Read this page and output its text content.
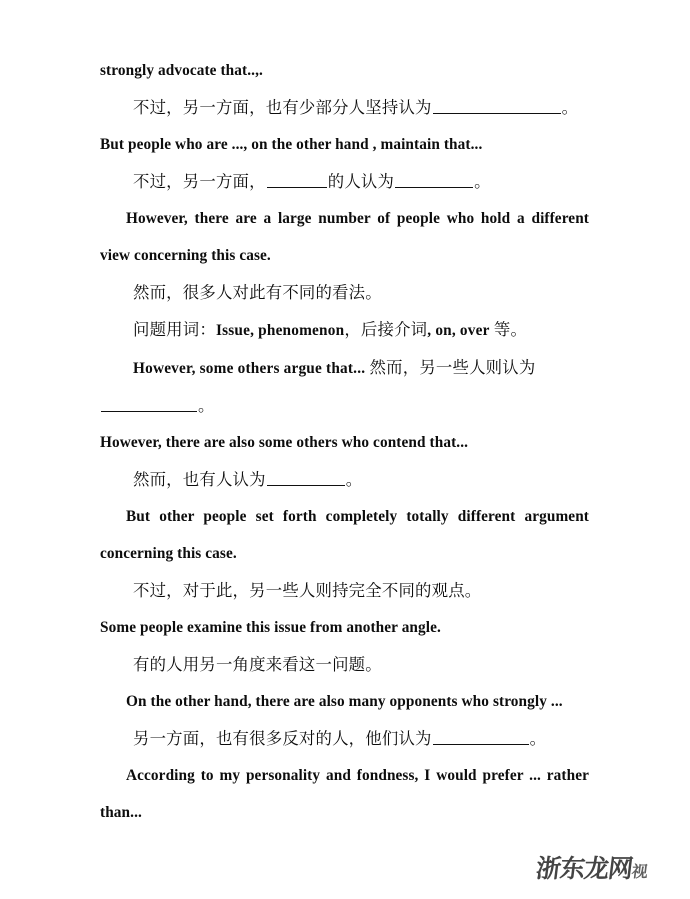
strongly advocate that..,.

不过，另一方面，也有少部分人坚持认为	。

But people who are ..., on the other hand , maintain that...

不过，另一方面，	的人认为	。

However, there are a large number of people who hold a different view concerning this case.

然而，很多人对此有不同的看法。

问题用词：Issue, phenomenon，后接介词, on, over 等。

However, some others argue that... 然而，另一些人则认为

。

However, there are also some others who contend that...

然而，也有人认为	。

But other people set forth completely totally different argument concerning this case.

不过，对于此，另一些人则持完全不同的观点。

Some people examine this issue from another angle.

有的人用另一角度来看这一问题。

On the other hand, there are also many opponents who strongly ...

另一方面，也有很多反对的人，他们认为	。

According to my personality and fondness, I would prefer ... rather than...

浙东龙网视
